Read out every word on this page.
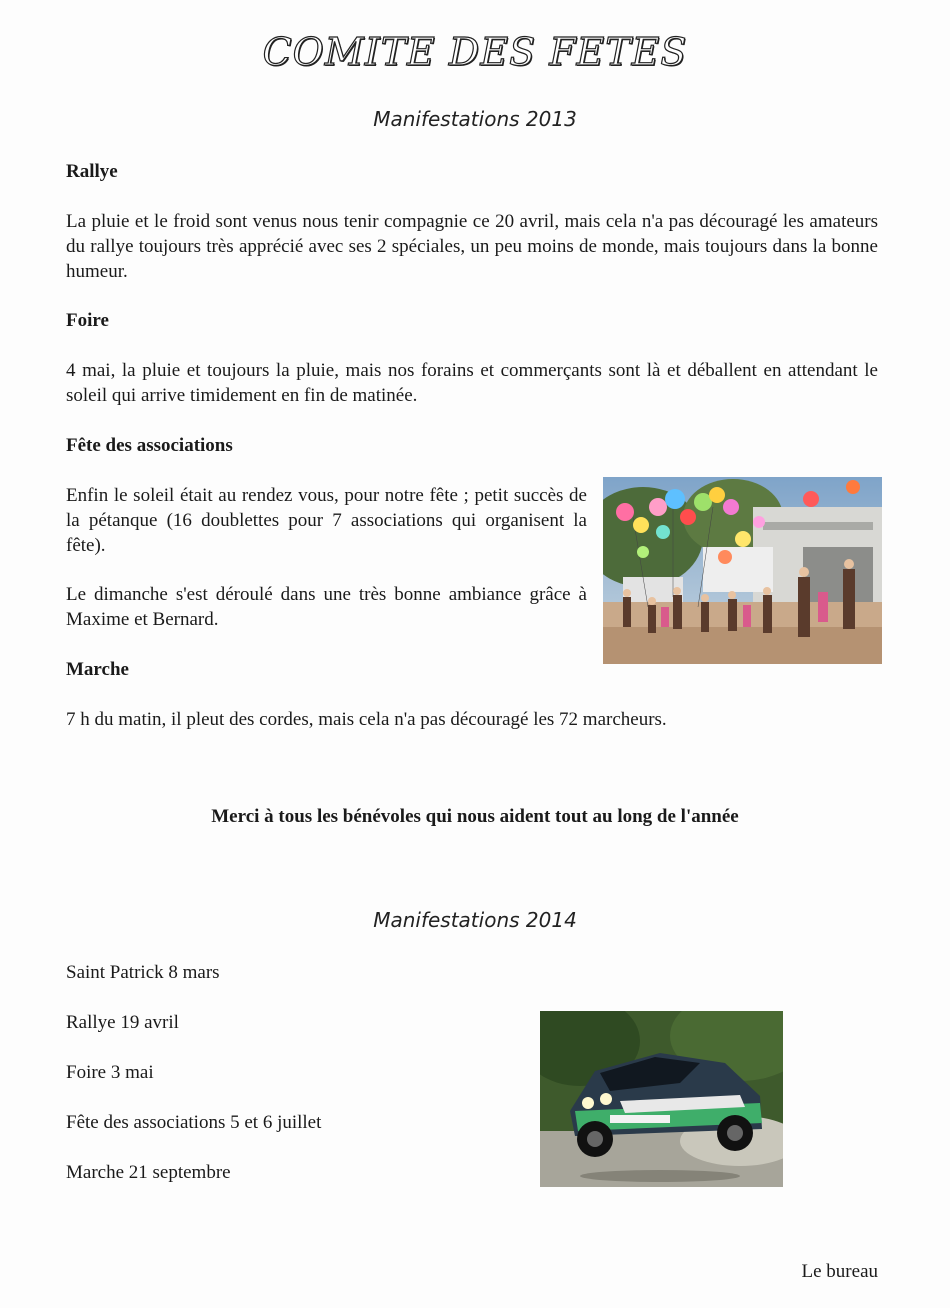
COMITE DES FETES
Manifestations 2013
Rallye
La pluie et le froid sont venus nous tenir compagnie ce 20 avril, mais cela n'a pas découragé les amateurs du rallye toujours très apprécié avec ses 2 spéciales, un peu moins de monde, mais toujours dans la bonne humeur.
Foire
4 mai, la pluie et toujours la pluie, mais nos forains et commerçants sont là et déballent en attendant le soleil qui arrive timidement en fin de matinée.
Fête des associations
Enfin le soleil était au rendez vous, pour notre fête ; petit succès de la pétanque (16 doublettes pour 7 associations qui organisent la fête).
Le dimanche s'est déroulé dans une très bonne ambiance grâce à Maxime et Bernard.
Marche
7 h du matin, il pleut des cordes, mais cela n'a pas découragé les 72 marcheurs.
Merci à tous les bénévoles qui nous aident tout au long de l'année
Manifestations 2014
Saint Patrick 8 mars
Rallye 19 avril
Foire 3 mai
Fête des associations 5 et 6 juillet
Marche 21 septembre
Le bureau
